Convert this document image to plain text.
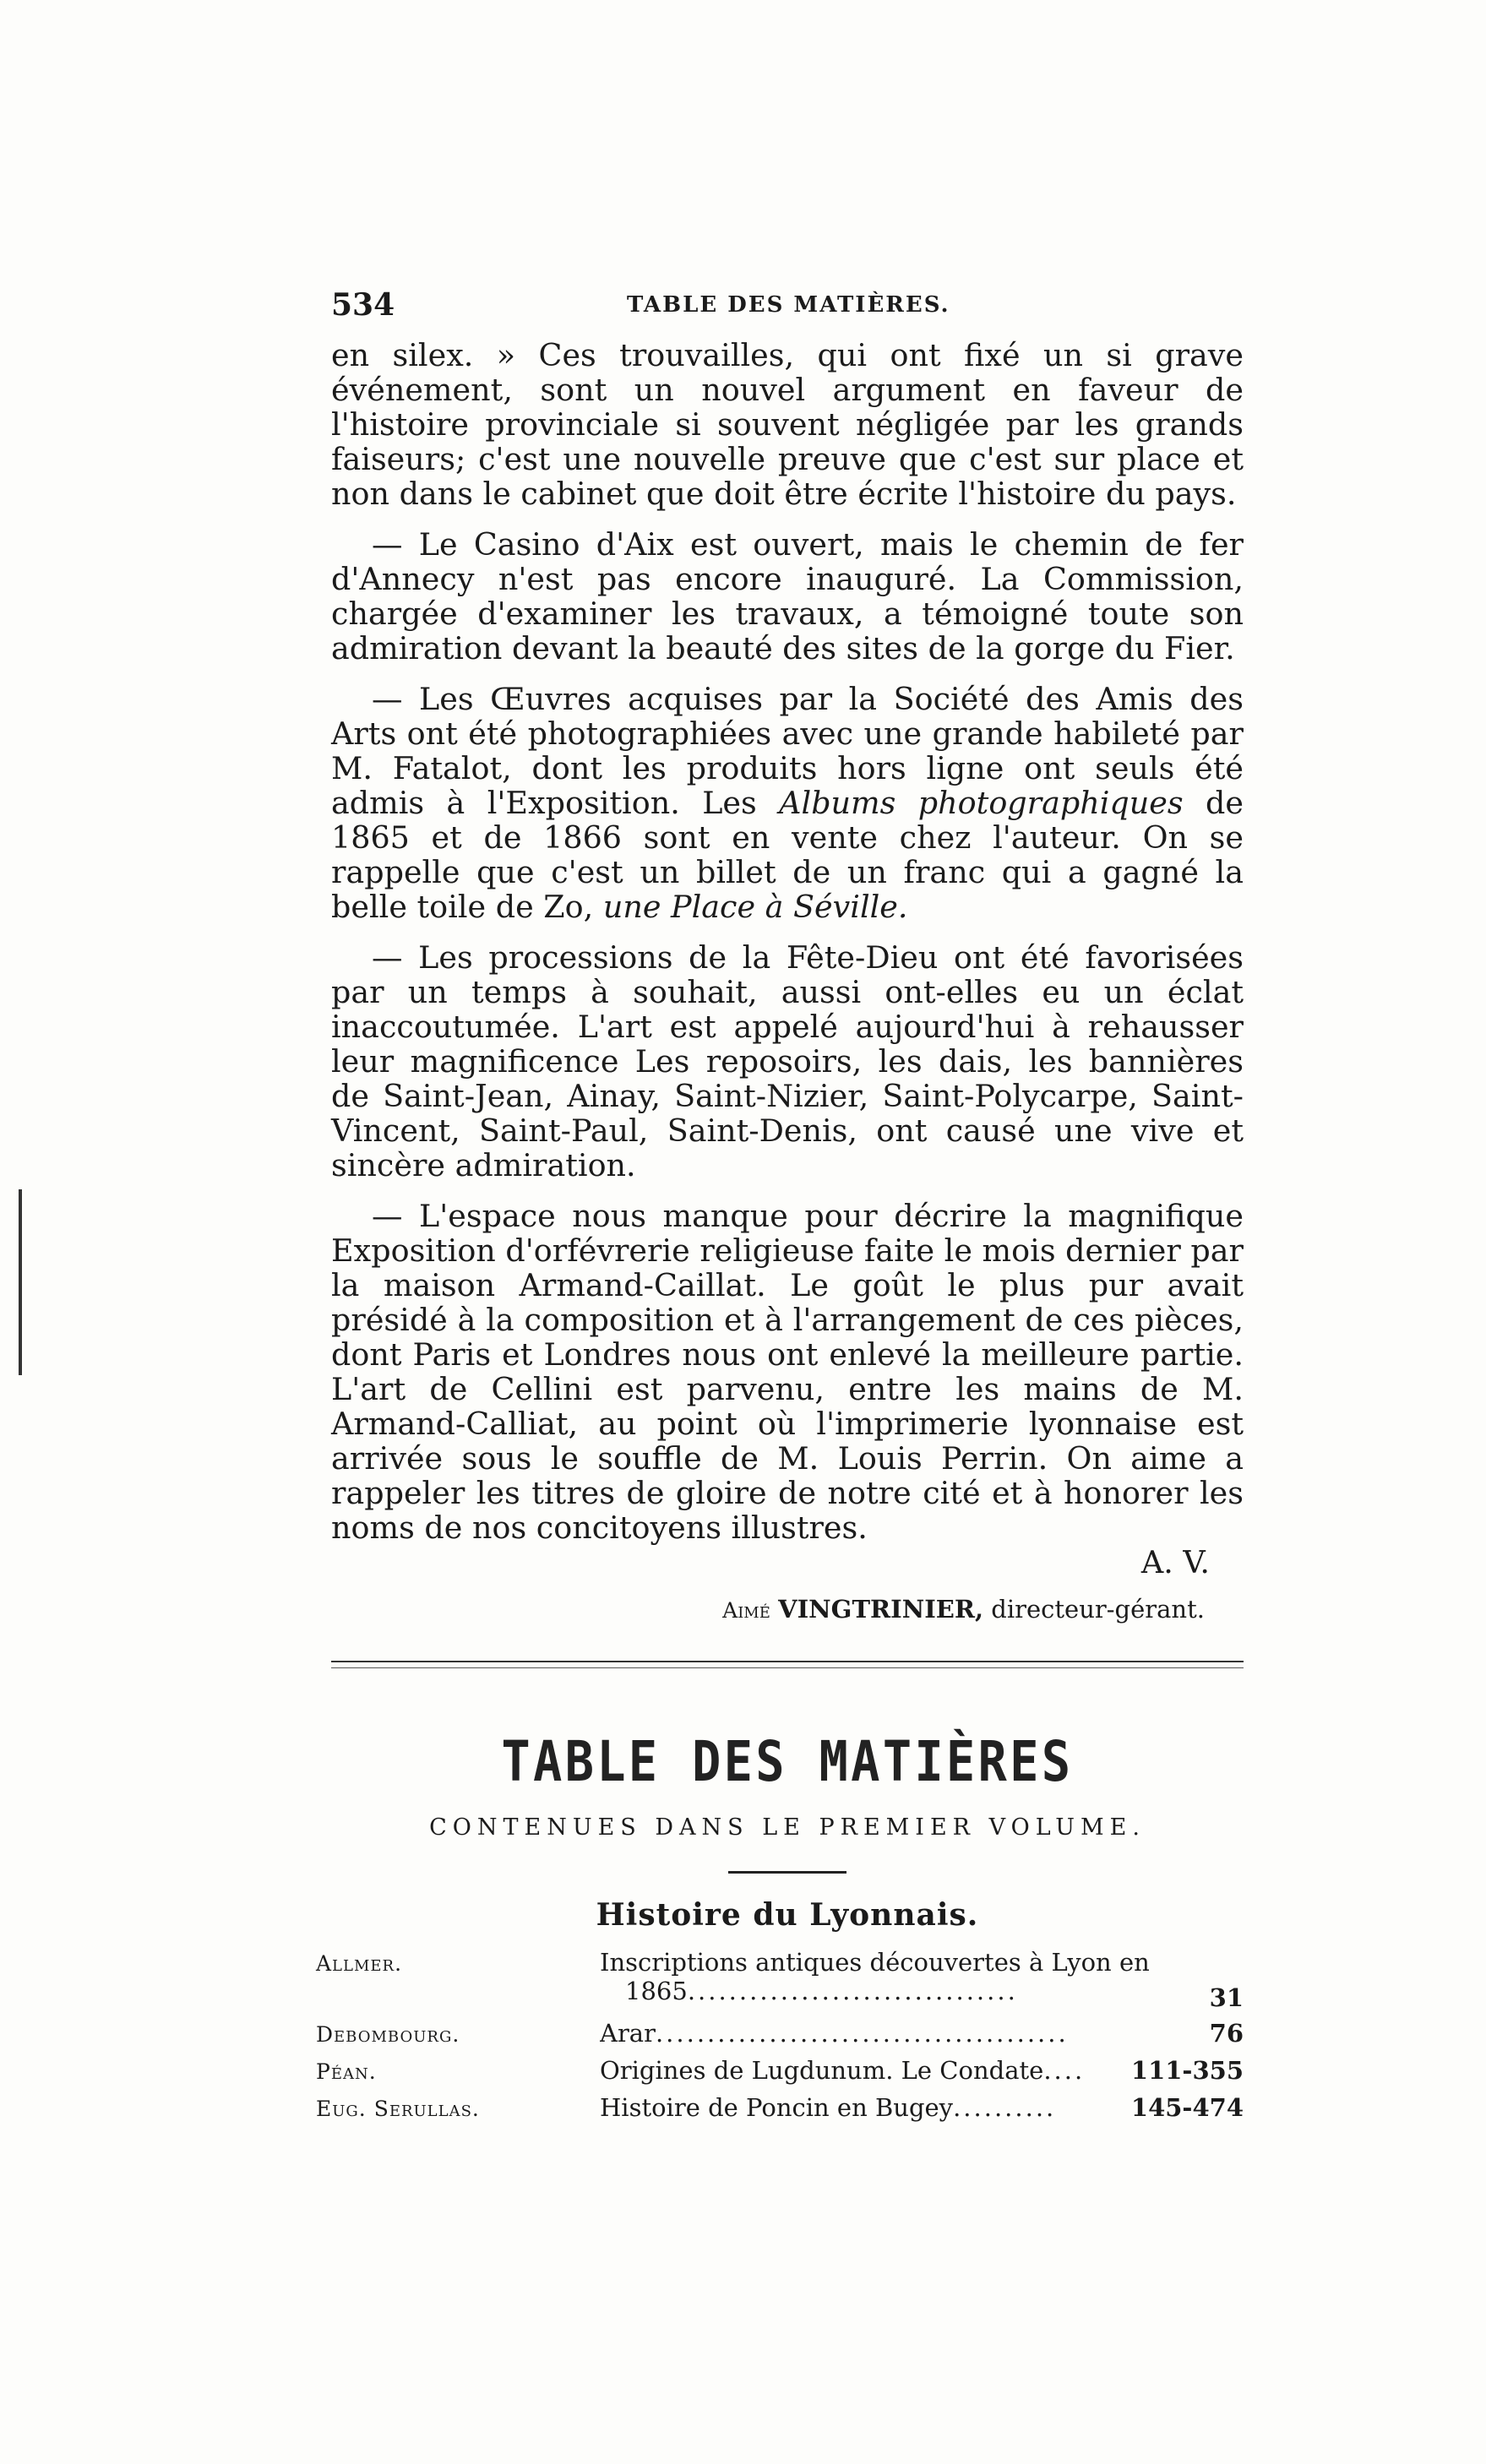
534	TABLE DES MATIÈRES.

en silex. » Ces trouvailles, qui ont fixé un si grave événement, sont un nouvel argument en faveur de l'histoire provinciale si souvent négligée par les grands faiseurs; c'est une nouvelle preuve que c'est sur place et non dans le cabinet que doit être écrite l'histoire du pays.

— Le Casino d'Aix est ouvert, mais le chemin de fer d'Annecy n'est pas encore inauguré. La Commission, chargée d'examiner les travaux, a témoigné toute son admiration devant la beauté des sites de la gorge du Fier.

— Les Œuvres acquises par la Société des Amis des Arts ont été photographiées avec une grande habileté par M. Fatalot, dont les produits hors ligne ont seuls été admis à l'Exposition. Les Albums photographiques de 1865 et de 1866 sont en vente chez l'auteur. On se rappelle que c'est un billet de un franc qui a gagné la belle toile de Zo, une Place à Séville.

— Les processions de la Fête-Dieu ont été favorisées par un temps à souhait, aussi ont-elles eu un éclat inaccoutumée. L'art est appelé aujourd'hui à rehausser leur magnificence Les reposoirs, les dais, les bannières de Saint-Jean, Ainay, Saint-Nizier, Saint-Polycarpe, Saint-Vincent, Saint-Paul, Saint-Denis, ont causé une vive et sincère admiration.

— L'espace nous manque pour décrire la magnifique Exposition d'orfévrerie religieuse faite le mois dernier par la maison Armand-Caillat. Le goût le plus pur avait présidé à la composition et à l'arrangement de ces pièces, dont Paris et Londres nous ont enlevé la meilleure partie. L'art de Cellini est parvenu, entre les mains de M. Armand-Calliat, au point où l'imprimerie lyonnaise est arrivée sous le souffle de M. Louis Perrin. On aime a rappeler les titres de gloire de notre cité et à honorer les noms de nos concitoyens illustres.

A. V.
Aimé VINGTRINIER, directeur-gérant.
TABLE DES MATIÈRES
CONTENUES DANS LE PREMIER VOLUME.
Histoire du Lyonnais.
Allmer.	Inscriptions antiques découvertes à Lyon en
1865................................	31
Debombourg.	Arar........................................	76
Péan.	Origines de Lugdunum. Le Condate....	111-355
Eug. Serullas.	Histoire de Poncin en Bugey..........	145-474
